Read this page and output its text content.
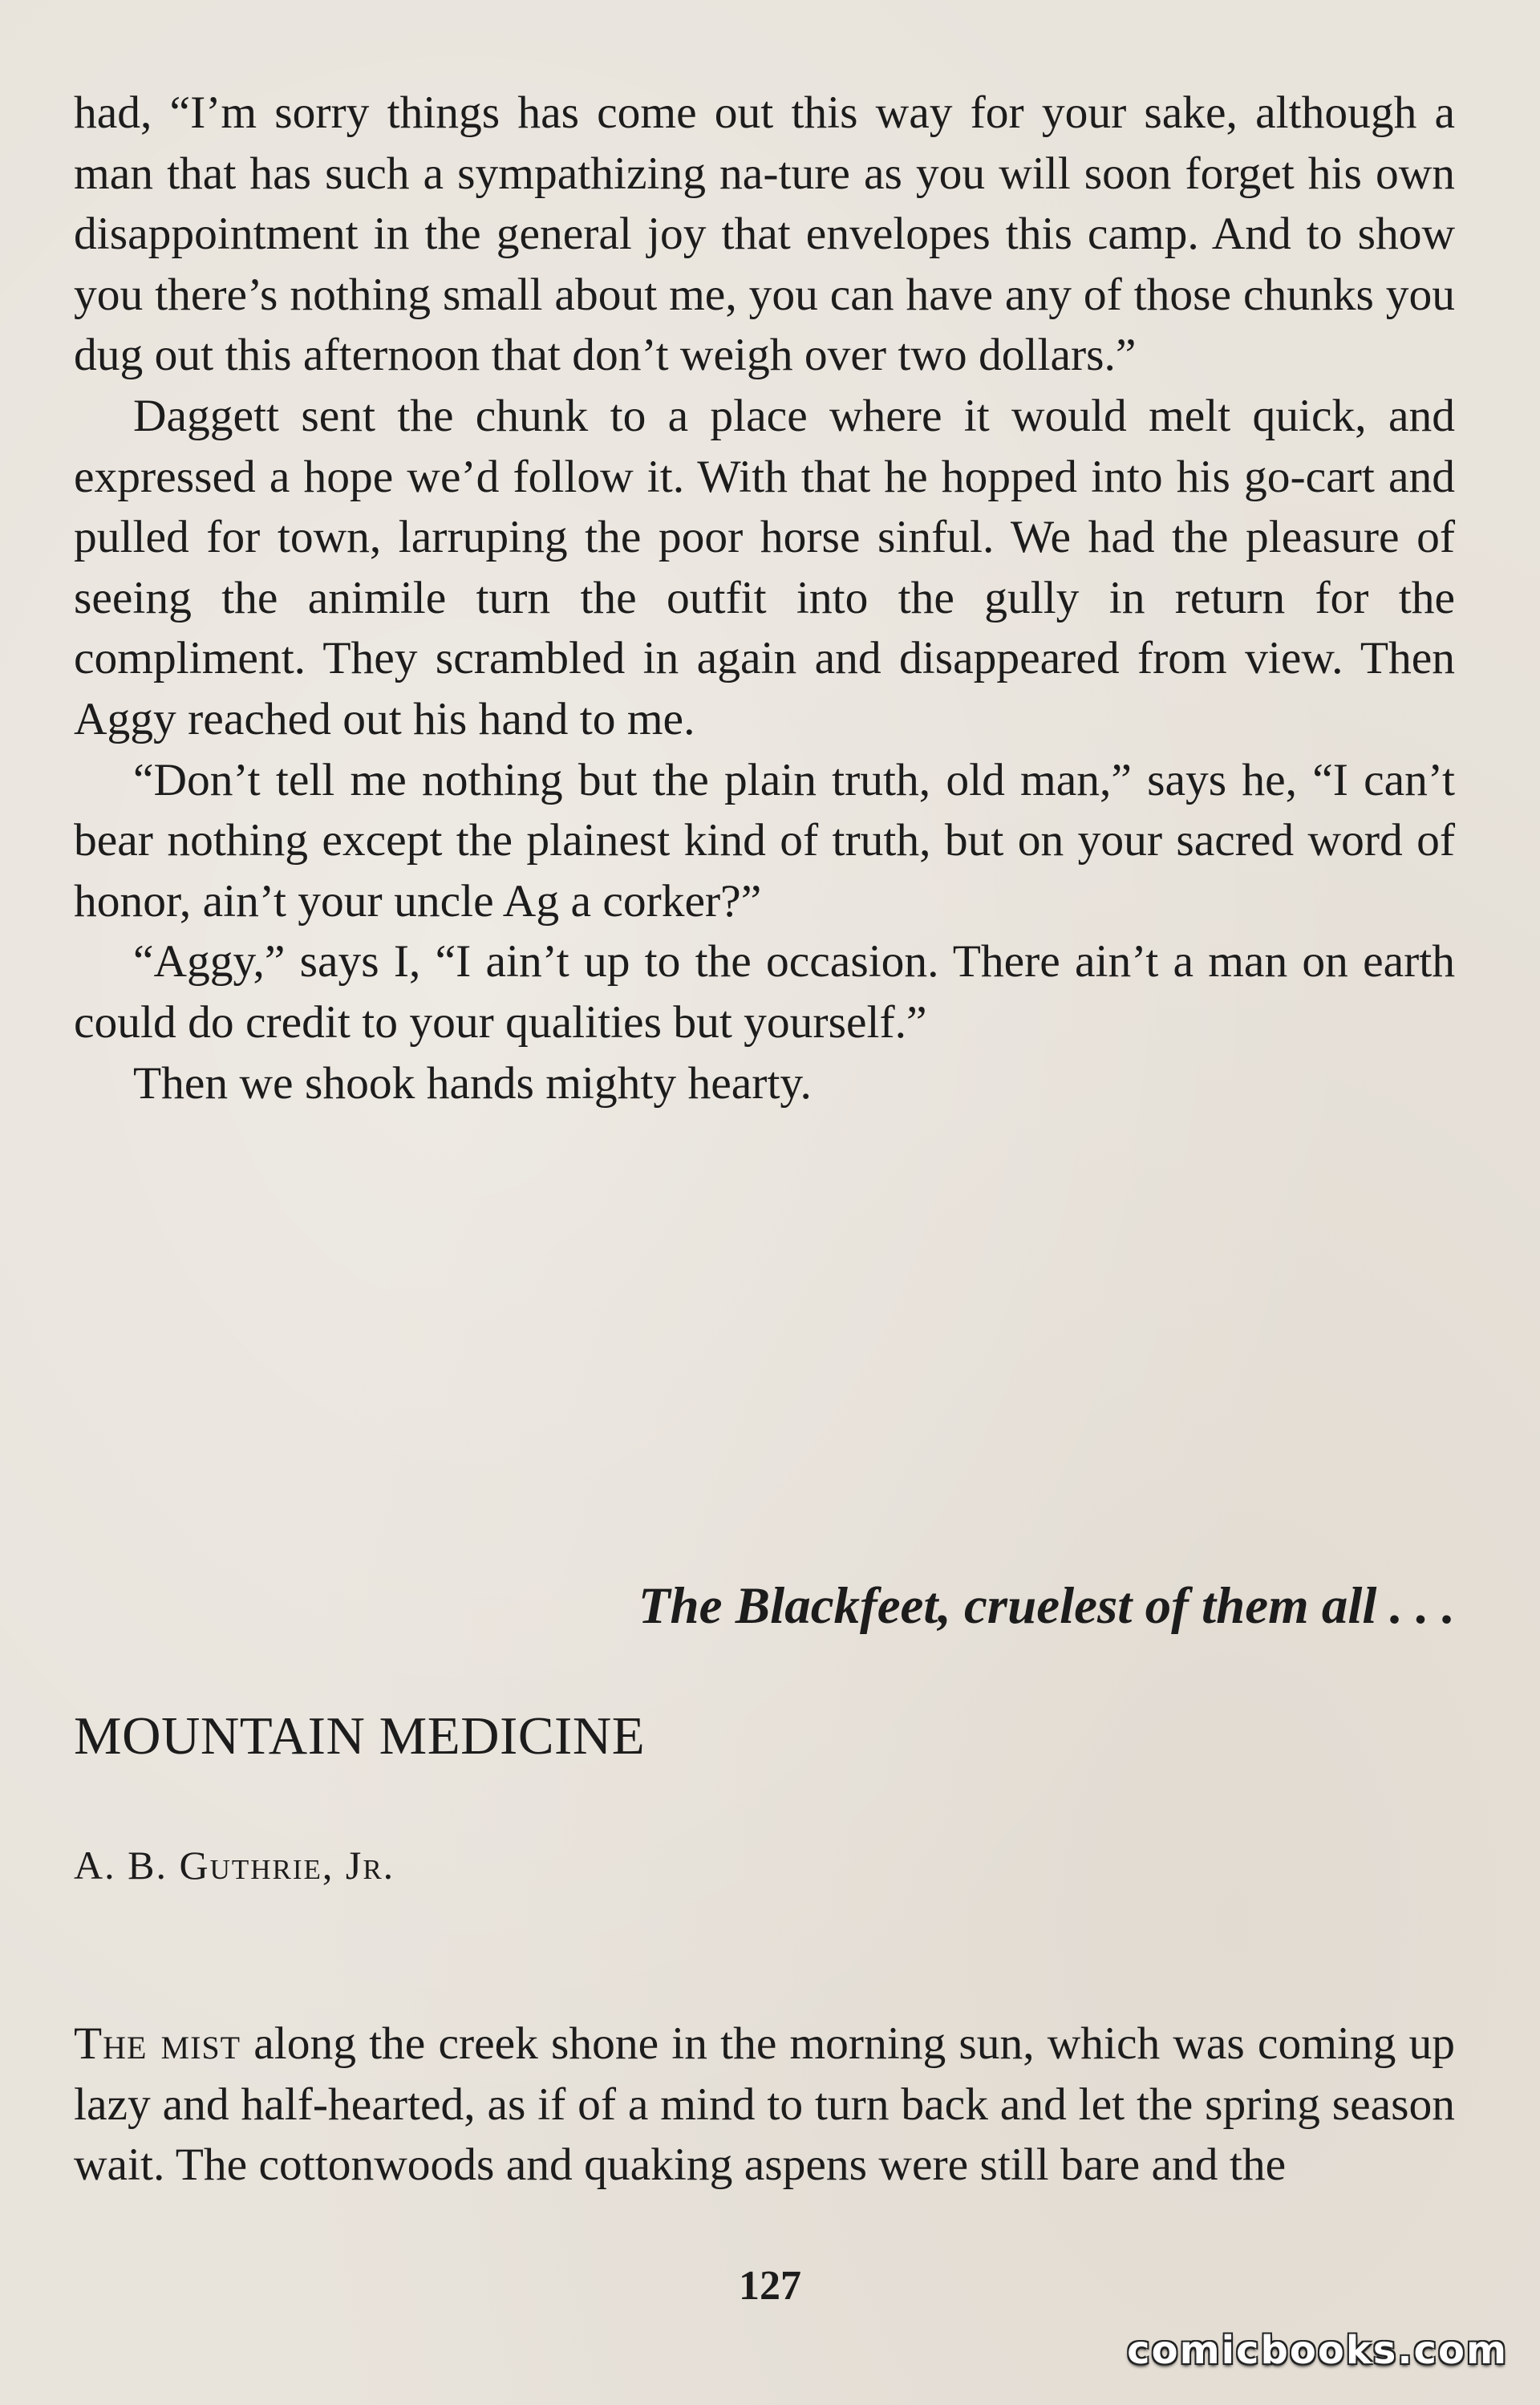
had, “I’m sorry things has come out this way for your sake, although a man that has such a sympathizing na-ture as you will soon forget his own disappointment in the general joy that envelopes this camp. And to show you there’s nothing small about me, you can have any of those chunks you dug out this afternoon that don’t weigh over two dollars.”

Daggett sent the chunk to a place where it would melt quick, and expressed a hope we’d follow it. With that he hopped into his go-cart and pulled for town, larruping the poor horse sinful. We had the pleasure of seeing the animile turn the outfit into the gully in return for the compliment. They scrambled in again and disappeared from view. Then Aggy reached out his hand to me.

“Don’t tell me nothing but the plain truth, old man,” says he, “I can’t bear nothing except the plainest kind of truth, but on your sacred word of honor, ain’t your uncle Ag a corker?”

“Aggy,” says I, “I ain’t up to the occasion. There ain’t a man on earth could do credit to your qualities but yourself.”

Then we shook hands mighty hearty.

The Blackfeet, cruelest of them all . . .
MOUNTAIN MEDICINE
A. B. Guthrie, Jr.

The mist along the creek shone in the morning sun, which was coming up lazy and half-hearted, as if of a mind to turn back and let the spring season wait. The cottonwoods and quaking aspens were still bare and the

127
comicbooks.com
